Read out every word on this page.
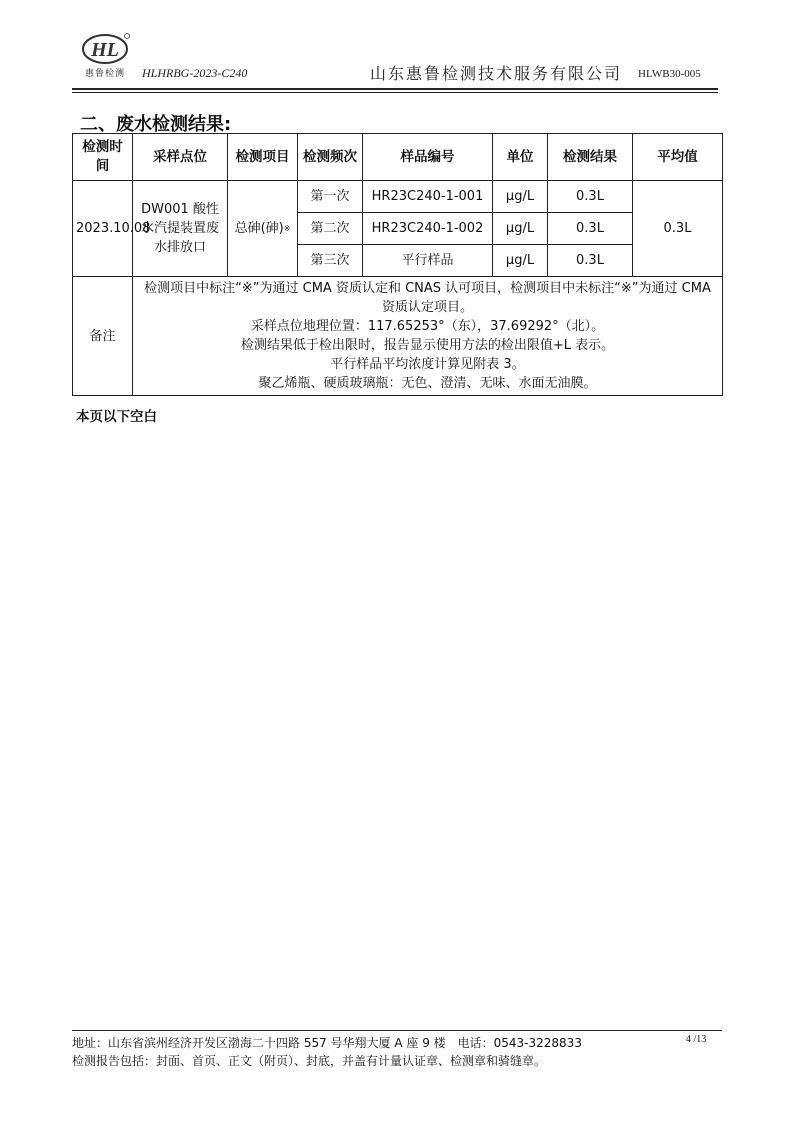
HL
惠鲁检测	HLHRBG-2023-C240	山东惠鲁检测技术服务有限公司 HLWB30-005
二、废水检测结果:
检测时间	采样点位	检测项目	检测频次	样品编号	单位	检测结果	平均值
2023.10.08	DW001 酸性水汽提装置废水排放口	总砷(砷)※	第一次	HR23C240-1-001	μg/L	0.3L	0.3L
			第二次	HR23C240-1-002	μg/L	0.3L	
			第三次	平行样品	μg/L	0.3L	
备注	检测项目中标注“※”为通过 CMA 资质认定和 CNAS 认可项目，检测项目中未标注“※”为通过 CMA 资质认定项目。
采样点位地理位置：117.65253°（东），37.69292°（北）。
检测结果低于检出限时，报告显示使用方法的检出限值+L 表示。
平行样品平均浓度计算见附表 3。
聚乙烯瓶、硬质玻璃瓶：无色、澄清、无味、水面无油膜。						
本页以下空白
地址：山东省滨州经济开发区渤海二十四路 557 号华翔大厦 A 座 9 楼　电话：0543-3228833
检测报告包括：封面、首页、正文（附页）、封底，并盖有计量认证章、检测章和骑缝章。
4 /13
